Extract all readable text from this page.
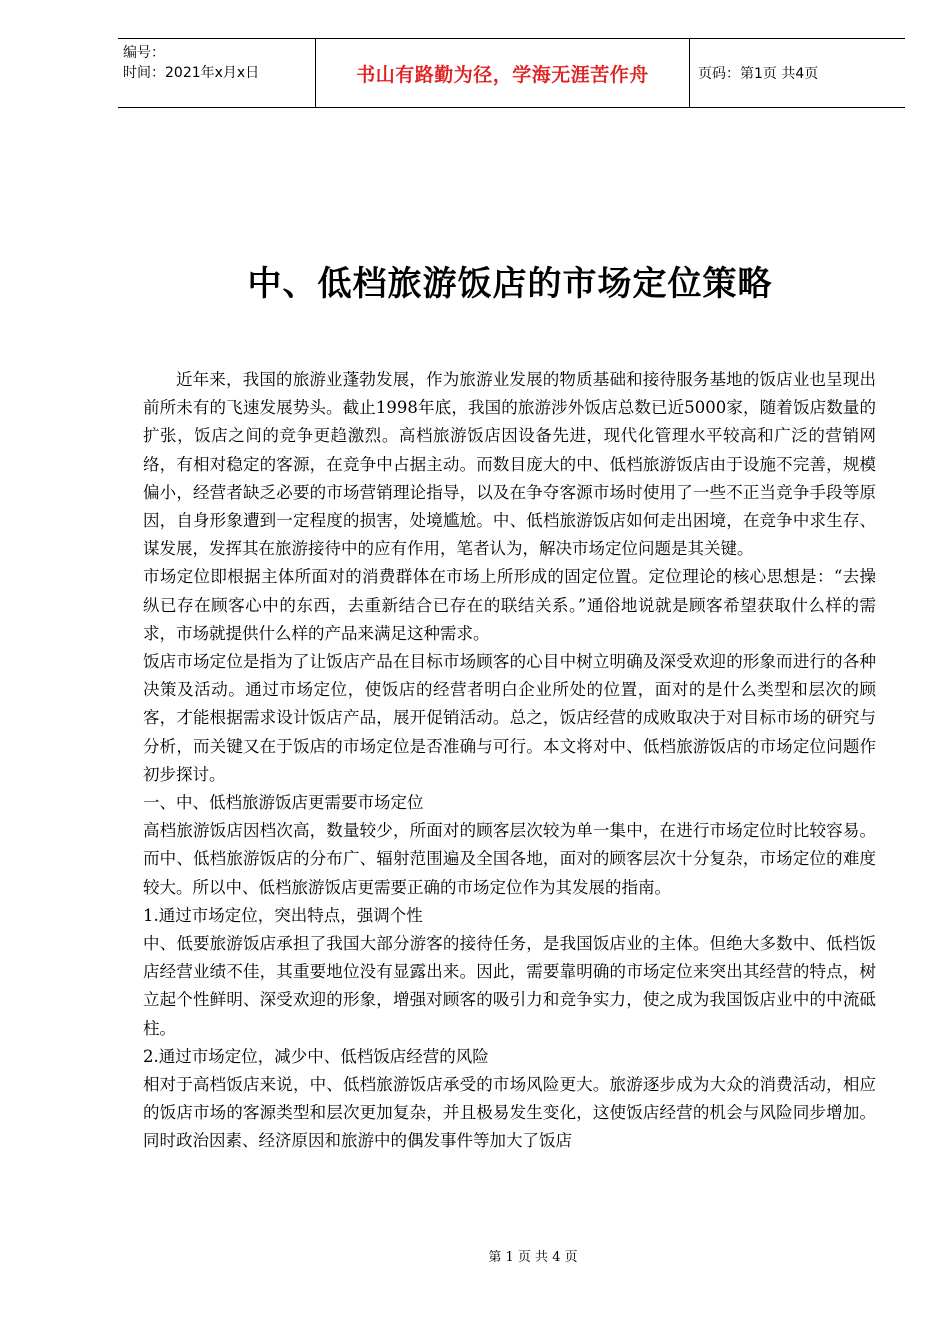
编号：
时间：2021年x月x日	书山有路勤为径，学海无涯苦作舟	页码：第1页 共4页
中、低档旅游饭店的市场定位策略

近年来，我国的旅游业蓬勃发展，作为旅游业发展的物质基础和接待服务基地的饭店业也呈现出前所未有的飞速发展势头。截止1998年底，我国的旅游涉外饭店总数已近5000家，随着饭店数量的扩张，饭店之间的竞争更趋激烈。高档旅游饭店因设备先进，现代化管理水平较高和广泛的营销网络，有相对稳定的客源，在竞争中占据主动。而数目庞大的中、低档旅游饭店由于设施不完善，规模偏小，经营者缺乏必要的市场营销理论指导，以及在争夺客源市场时使用了一些不正当竞争手段等原因，自身形象遭到一定程度的损害，处境尴尬。中、低档旅游饭店如何走出困境，在竞争中求生存、谋发展，发挥其在旅游接待中的应有作用，笔者认为，解决市场定位问题是其关键。

市场定位即根据主体所面对的消费群体在市场上所形成的固定位置。定位理论的核心思想是：“去操纵已存在顾客心中的东西，去重新结合已存在的联结关系。”通俗地说就是顾客希望获取什么样的需求，市场就提供什么样的产品来满足这种需求。

饭店市场定位是指为了让饭店产品在目标市场顾客的心目中树立明确及深受欢迎的形象而进行的各种决策及活动。通过市场定位，使饭店的经营者明白企业所处的位置，面对的是什么类型和层次的顾客，才能根据需求设计饭店产品，展开促销活动。总之，饭店经营的成败取决于对目标市场的研究与分析，而关键又在于饭店的市场定位是否准确与可行。本文将对中、低档旅游饭店的市场定位问题作初步探讨。

一、中、低档旅游饭店更需要市场定位

高档旅游饭店因档次高，数量较少，所面对的顾客层次较为单一集中，在进行市场定位时比较容易。而中、低档旅游饭店的分布广、辐射范围遍及全国各地，面对的顾客层次十分复杂，市场定位的难度较大。所以中、低档旅游饭店更需要正确的市场定位作为其发展的指南。

1.通过市场定位，突出特点，强调个性

中、低要旅游饭店承担了我国大部分游客的接待任务，是我国饭店业的主体。但绝大多数中、低档饭店经营业绩不佳，其重要地位没有显露出来。因此，需要靠明确的市场定位来突出其经营的特点，树立起个性鲜明、深受欢迎的形象，增强对顾客的吸引力和竞争实力，使之成为我国饭店业中的中流砥柱。

2.通过市场定位，减少中、低档饭店经营的风险

相对于高档饭店来说，中、低档旅游饭店承受的市场风险更大。旅游逐步成为大众的消费活动，相应的饭店市场的客源类型和层次更加复杂，并且极易发生变化，这使饭店经营的机会与风险同步增加。同时政治因素、经济原因和旅游中的偶发事件等加大了饭店

第 1 页 共 4 页
